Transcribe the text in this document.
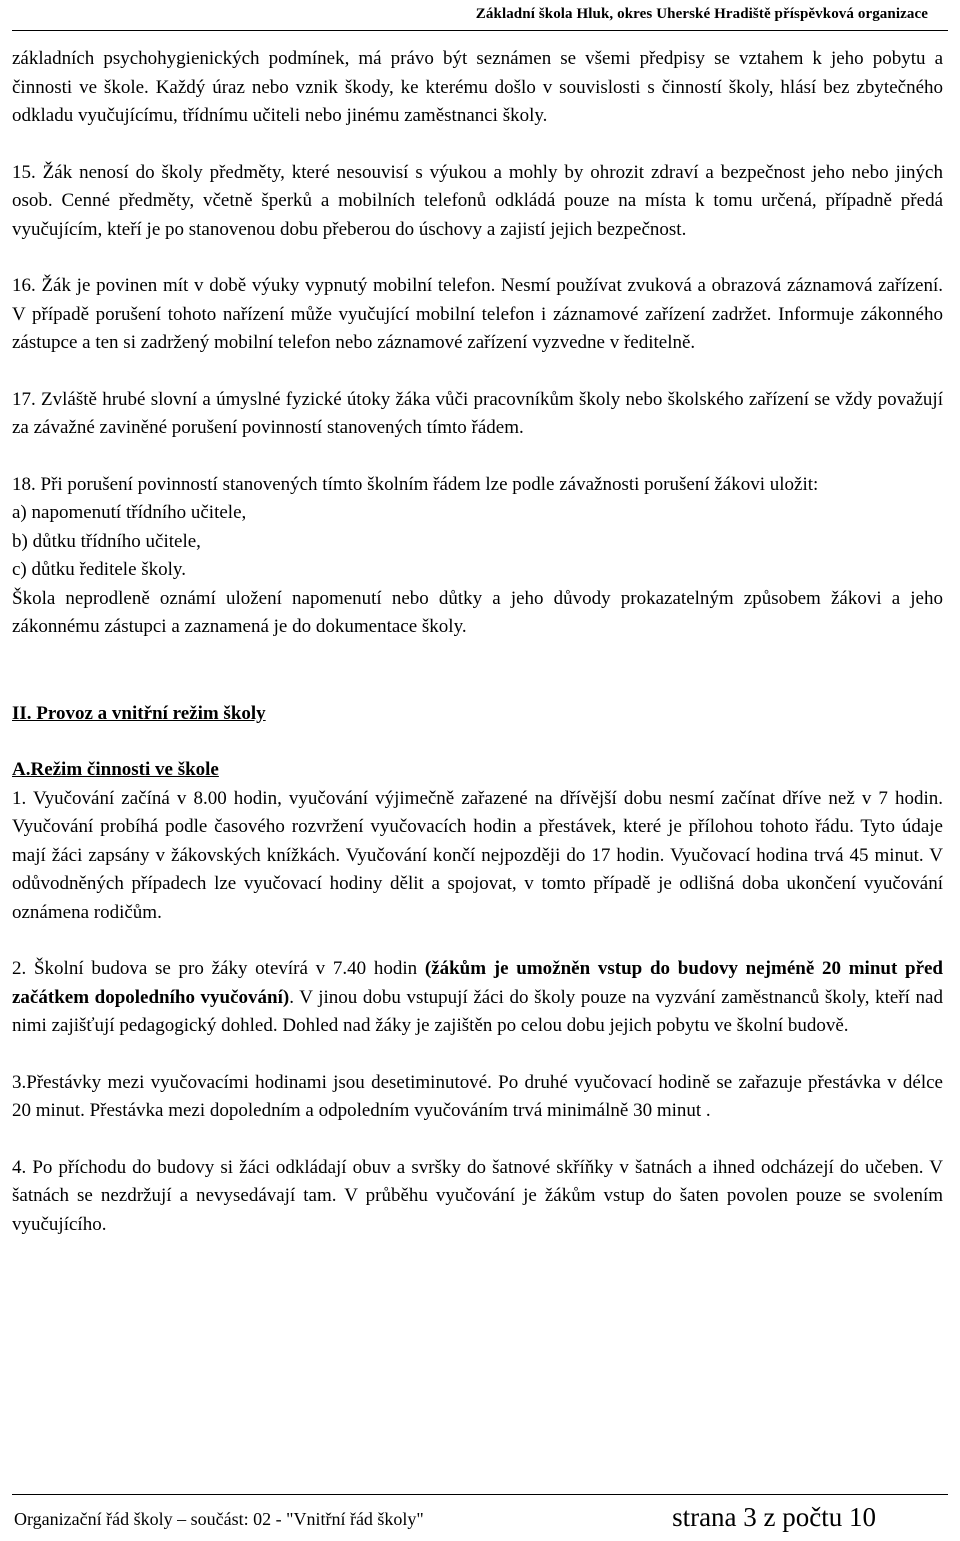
Základní škola Hluk, okres Uherské Hradiště příspěvková organizace

základních psychohygienických podmínek, má právo být seznámen se všemi předpisy se vztahem k jeho pobytu a činnosti ve škole. Každý úraz nebo vznik škody, ke kterému došlo v souvislosti s činností školy, hlásí bez zbytečného odkladu vyučujícímu, třídnímu učiteli nebo jinému zaměstnanci školy.

15. Žák nenosí do školy předměty, které nesouvisí s výukou a mohly by ohrozit zdraví a bezpečnost jeho nebo jiných osob. Cenné předměty, včetně šperků a mobilních telefonů odkládá pouze na místa k tomu určená, případně předá vyučujícím, kteří je po stanovenou dobu přeberou do úschovy a zajistí jejich bezpečnost.

16. Žák je povinen mít v době výuky vypnutý mobilní telefon. Nesmí používat zvuková a obrazová záznamová zařízení. V případě porušení tohoto nařízení může vyučující mobilní telefon i záznamové zařízení zadržet. Informuje zákonného zástupce a ten si zadržený mobilní telefon nebo záznamové zařízení vyzvedne v ředitelně.

17. Zvláště hrubé slovní a úmyslné fyzické útoky žáka vůči pracovníkům školy nebo školského zařízení se vždy považují za závažné zaviněné porušení povinností stanovených tímto řádem.

18. Při porušení povinností stanovených tímto školním řádem lze podle závažnosti porušení žákovi uložit:

a) napomenutí třídního učitele,

b) důtku třídního učitele,

c) důtku ředitele školy.

Škola neprodleně oznámí uložení napomenutí nebo důtky a jeho důvody prokazatelným způsobem žákovi a jeho zákonnému zástupci a zaznamená je do dokumentace školy.

II. Provoz a vnitřní režim školy

A.Režim činnosti ve škole

1. Vyučování začíná v 8.00 hodin, vyučování výjimečně zařazené na dřívější dobu nesmí začínat dříve než v 7 hodin. Vyučování probíhá podle časového rozvržení vyučovacích hodin a přestávek, které je přílohou tohoto řádu. Tyto údaje mají žáci zapsány v žákovských knížkách. Vyučování končí nejpozději do 17 hodin. Vyučovací hodina trvá 45 minut. V odůvodněných případech lze vyučovací hodiny dělit a spojovat, v tomto případě je odlišná doba ukončení vyučování oznámena rodičům.

2. Školní budova se pro žáky otevírá v 7.40 hodin (žákům je umožněn vstup do budovy nejméně 20 minut před začátkem dopoledního vyučování). V jinou dobu vstupují žáci do školy pouze na vyzvání zaměstnanců školy, kteří nad nimi zajišťují pedagogický dohled. Dohled nad žáky je zajištěn po celou dobu jejich pobytu ve školní budově.

3.Přestávky mezi vyučovacími hodinami jsou desetiminutové. Po druhé vyučovací hodině se zařazuje přestávka v délce 20 minut. Přestávka mezi dopoledním a odpoledním vyučováním trvá minimálně 30 minut .

4. Po příchodu do budovy si žáci odkládají obuv a svršky do šatnové skříňky v šatnách a ihned odcházejí do učeben. V šatnách se nezdržují a nevysedávají tam. V průběhu vyučování je žákům vstup do šaten povolen pouze se svolením vyučujícího.

Organizační řád školy – součást: 02 - "Vnitřní řád školy"	strana 3 z počtu 10
